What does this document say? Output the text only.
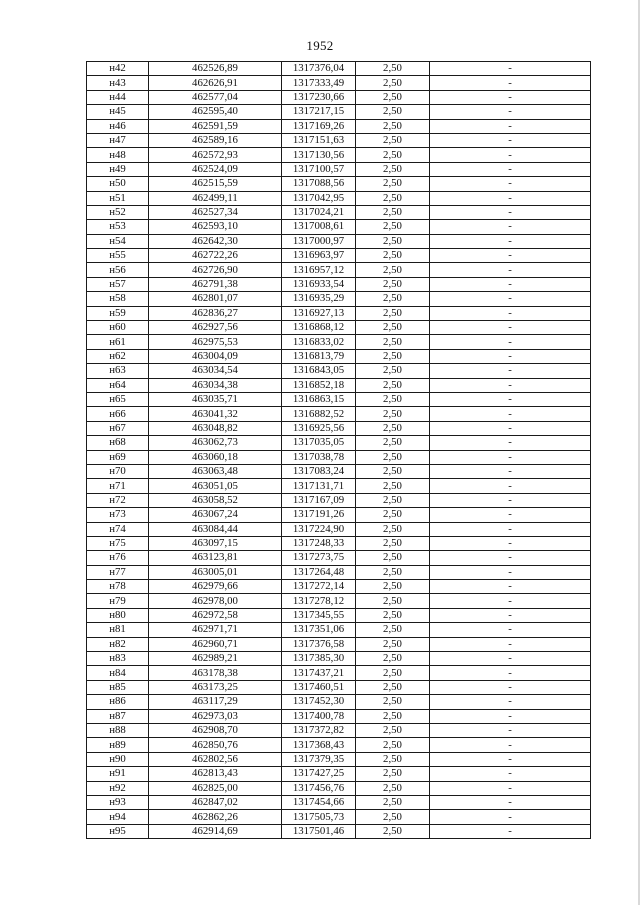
1952
н42	462526,89	1317376,04	2,50	-
н43	462626,91	1317333,49	2,50	-
н44	462577,04	1317230,66	2,50	-
н45	462595,40	1317217,15	2,50	-
н46	462591,59	1317169,26	2,50	-
н47	462589,16	1317151,63	2,50	-
н48	462572,93	1317130,56	2,50	-
н49	462524,09	1317100,57	2,50	-
н50	462515,59	1317088,56	2,50	-
н51	462499,11	1317042,95	2,50	-
н52	462527,34	1317024,21	2,50	-
н53	462593,10	1317008,61	2,50	-
н54	462642,30	1317000,97	2,50	-
н55	462722,26	1316963,97	2,50	-
н56	462726,90	1316957,12	2,50	-
н57	462791,38	1316933,54	2,50	-
н58	462801,07	1316935,29	2,50	-
н59	462836,27	1316927,13	2,50	-
н60	462927,56	1316868,12	2,50	-
н61	462975,53	1316833,02	2,50	-
н62	463004,09	1316813,79	2,50	-
н63	463034,54	1316843,05	2,50	-
н64	463034,38	1316852,18	2,50	-
н65	463035,71	1316863,15	2,50	-
н66	463041,32	1316882,52	2,50	-
н67	463048,82	1316925,56	2,50	-
н68	463062,73	1317035,05	2,50	-
н69	463060,18	1317038,78	2,50	-
н70	463063,48	1317083,24	2,50	-
н71	463051,05	1317131,71	2,50	-
н72	463058,52	1317167,09	2,50	-
н73	463067,24	1317191,26	2,50	-
н74	463084,44	1317224,90	2,50	-
н75	463097,15	1317248,33	2,50	-
н76	463123,81	1317273,75	2,50	-
н77	463005,01	1317264,48	2,50	-
н78	462979,66	1317272,14	2,50	-
н79	462978,00	1317278,12	2,50	-
н80	462972,58	1317345,55	2,50	-
н81	462971,71	1317351,06	2,50	-
н82	462960,71	1317376,58	2,50	-
н83	462989,21	1317385,30	2,50	-
н84	463178,38	1317437,21	2,50	-
н85	463173,25	1317460,51	2,50	-
н86	463117,29	1317452,30	2,50	-
н87	462973,03	1317400,78	2,50	-
н88	462908,70	1317372,82	2,50	-
н89	462850,76	1317368,43	2,50	-
н90	462802,56	1317379,35	2,50	-
н91	462813,43	1317427,25	2,50	-
н92	462825,00	1317456,76	2,50	-
н93	462847,02	1317454,66	2,50	-
н94	462862,26	1317505,73	2,50	-
н95	462914,69	1317501,46	2,50	-
